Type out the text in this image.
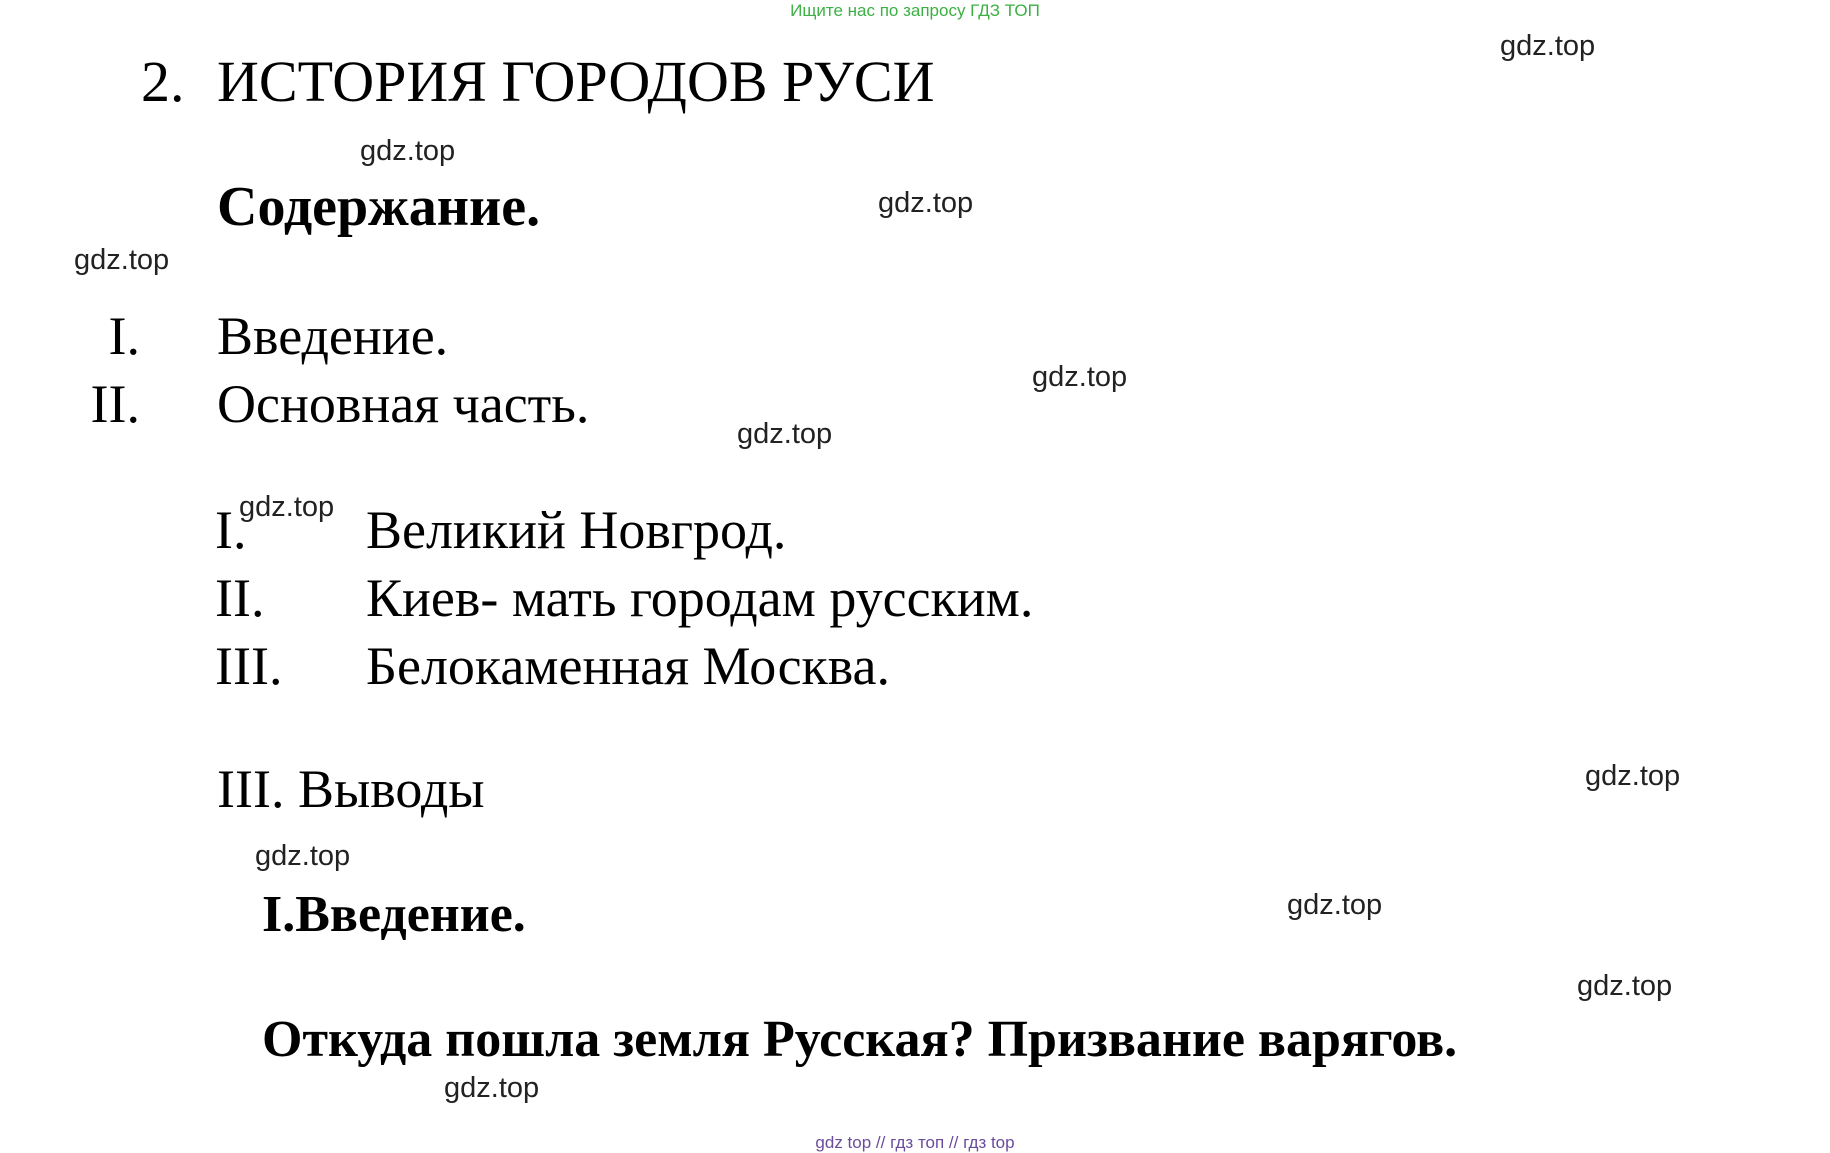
Ищите нас по запросу ГДЗ ТОП
gdz.top
gdz.top
gdz.top
gdz.top
gdz.top
gdz.top
gdz.top
gdz.top
gdz.top
gdz.top
gdz.top
gdz.top
2. ИСТОРИЯ ГОРОДОВ РУСИ
Содержание.
I. Введение.
II. Основная часть.
I. Великий Новгрод.
II. Киев- мать городам русским.
III. Белокаменная Москва.
III. Выводы
I.Введение.
Откуда пошла земля Русская? Призвание варягов.
gdz top // гдз топ // гдз top
